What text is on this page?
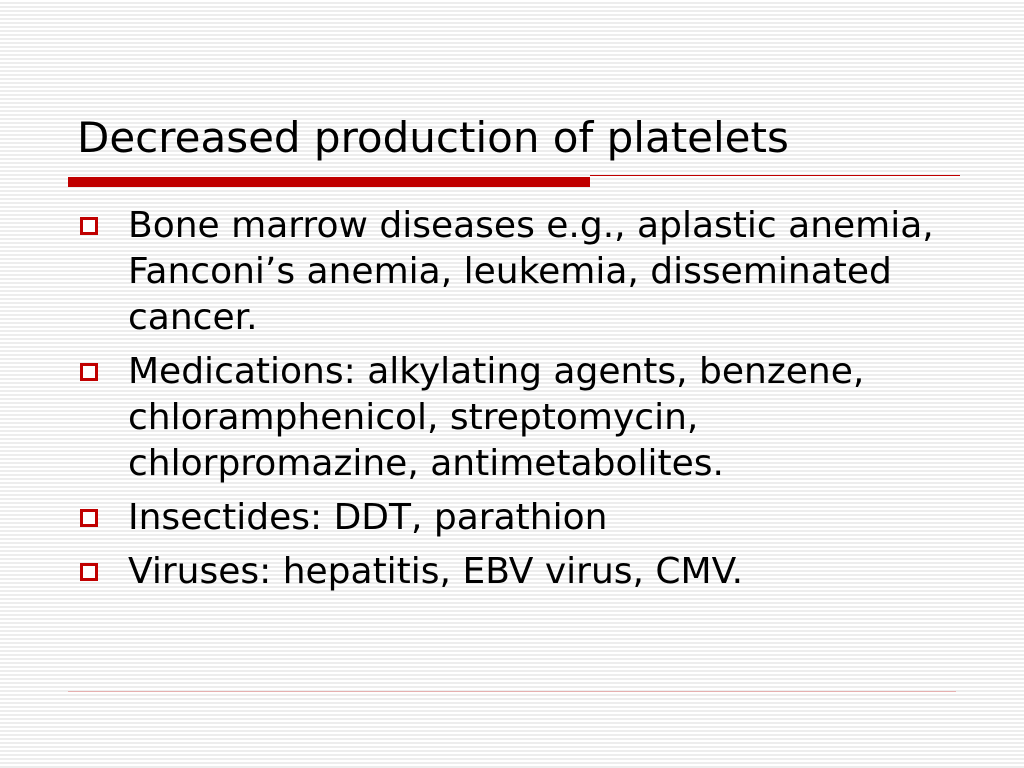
Decreased production of platelets
Bone marrow diseases e.g., aplastic anemia, Fanconi’s anemia, leukemia, disseminated cancer.
Medications: alkylating agents, benzene, chloramphenicol, streptomycin, chlorpromazine, antimetabolites.
Insectides: DDT, parathion
Viruses: hepatitis, EBV virus, CMV.
